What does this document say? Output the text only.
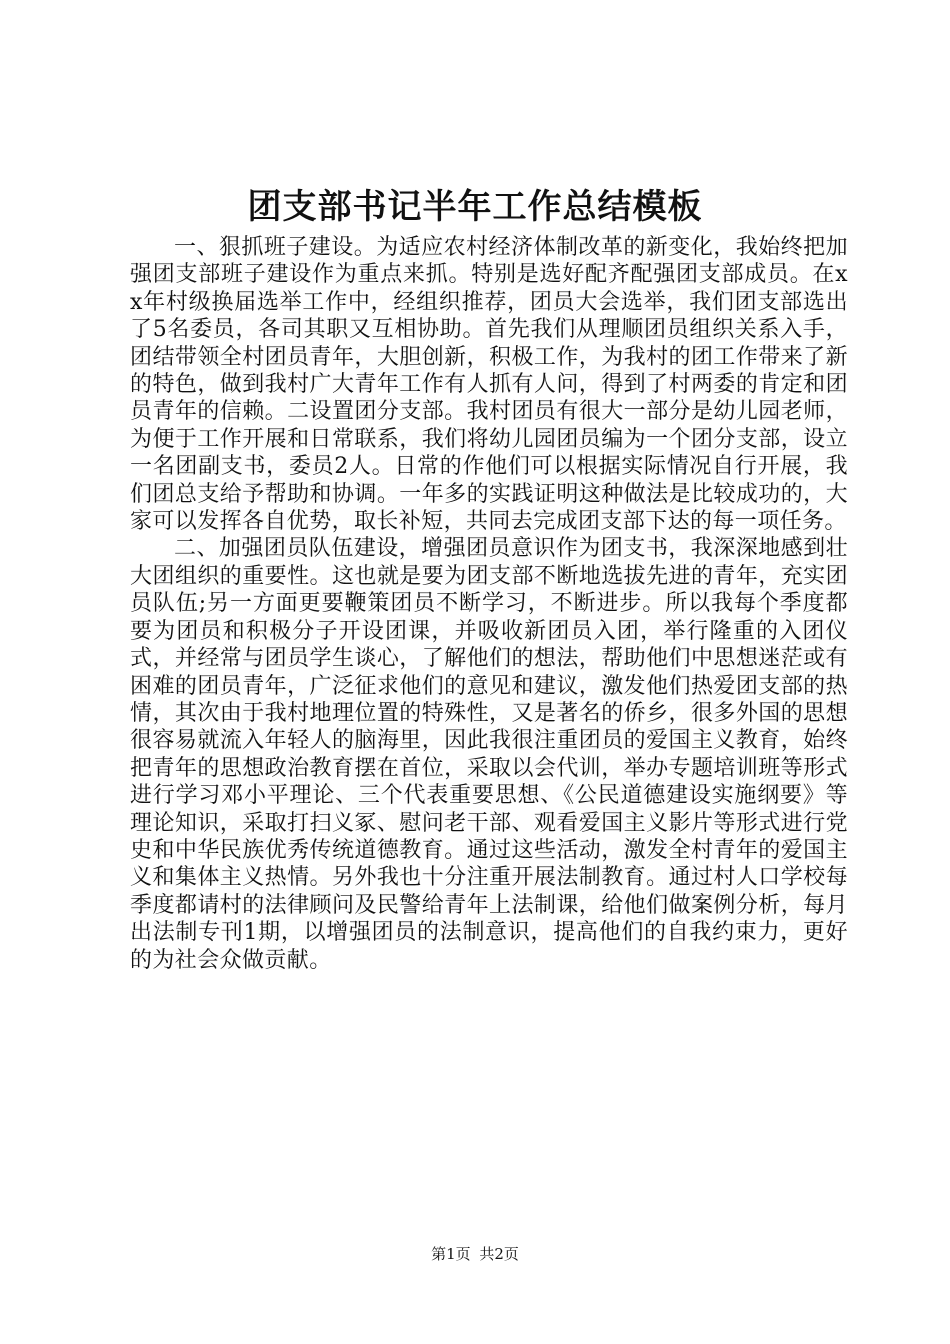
团支部书记半年工作总结模板

一、狠抓班子建设。为适应农村经济体制改革的新变化，我始终把加强团支部班子建设作为重点来抓。特别是选好配齐配强团支部成员。在xx年村级换届选举工作中，经组织推荐，团员大会选举，我们团支部选出了5名委员，各司其职又互相协助。首先我们从理顺团员组织关系入手，团结带领全村团员青年，大胆创新，积极工作，为我村的团工作带来了新的特色，做到我村广大青年工作有人抓有人问，得到了村两委的肯定和团员青年的信赖。二设置团分支部。我村团员有很大一部分是幼儿园老师，为便于工作开展和日常联系，我们将幼儿园团员编为一个团分支部，设立一名团副支书，委员2人。日常的作他们可以根据实际情况自行开展，我们团总支给予帮助和协调。一年多的实践证明这种做法是比较成功的，大家可以发挥各自优势，取长补短，共同去完成团支部下达的每一项任务。

二、加强团员队伍建设，增强团员意识作为团支书，我深深地感到壮大团组织的重要性。这也就是要为团支部不断地选拔先进的青年，充实团员队伍;另一方面更要鞭策团员不断学习，不断进步。所以我每个季度都要为团员和积极分子开设团课，并吸收新团员入团，举行隆重的入团仪式，并经常与团员学生谈心，了解他们的想法，帮助他们中思想迷茫或有困难的团员青年，广泛征求他们的意见和建议，激发他们热爱团支部的热情，其次由于我村地理位置的特殊性，又是著名的侨乡，很多外国的思想很容易就流入年轻人的脑海里，因此我很注重团员的爱国主义教育，始终把青年的思想政治教育摆在首位，采取以会代训，举办专题培训班等形式进行学习邓小平理论、三个代表重要思想、《公民道德建设实施纲要》等理论知识，采取打扫义冢、慰问老干部、观看爱国主义影片等形式进行党史和中华民族优秀传统道德教育。通过这些活动，激发全村青年的爱国主义和集体主义热情。另外我也十分注重开展法制教育。通过村人口学校每季度都请村的法律顾问及民警给青年上法制课，给他们做案例分析，每月出法制专刊1期，以增强团员的法制意识，提高他们的自我约束力，更好的为社会众做贡献。

第1页 共2页
